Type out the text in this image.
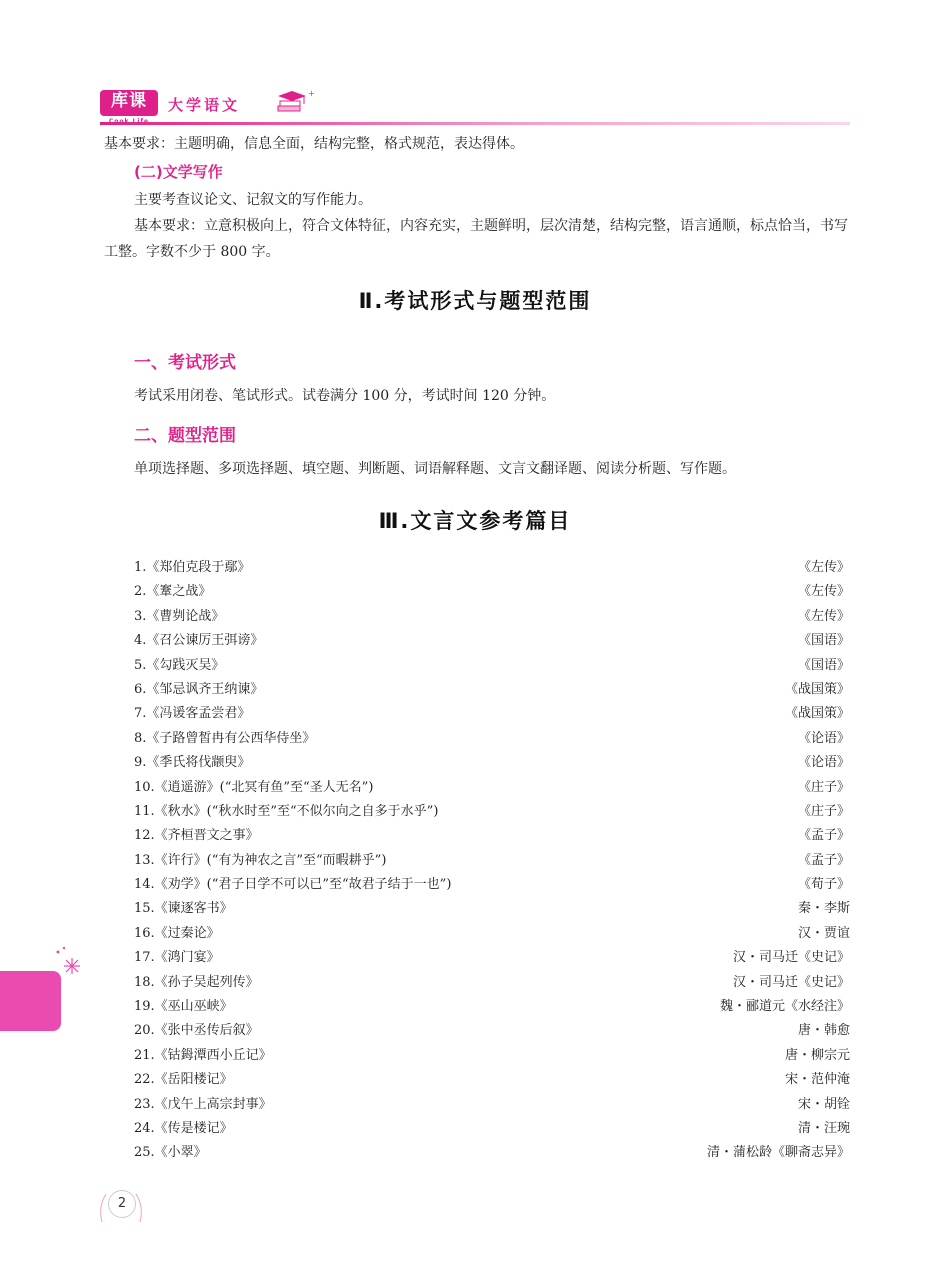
库课	大学语文
+
基本要求：主题明确，信息全面，结构完整，格式规范，表达得体。
(二)文学写作
主要考查议论文、记叙文的写作能力。
基本要求：立意积极向上，符合文体特征，内容充实，主题鲜明，层次清楚，结构完整，语言通顺，标点恰当，书写工整。字数不少于 800 字。
Ⅱ.考试形式与题型范围
一、考试形式
考试采用闭卷、笔试形式。试卷满分 100 分，考试时间 120 分钟。
二、题型范围
单项选择题、多项选择题、填空题、判断题、词语解释题、文言文翻译题、阅读分析题、写作题。
Ⅲ.文言文参考篇目
1.《郑伯克段于鄢》	《左传》
2.《鞌之战》	《左传》
3.《曹刿论战》	《左传》
4.《召公谏厉王弭谤》	《国语》
5.《勾践灭吴》	《国语》
6.《邹忌讽齐王纳谏》	《战国策》
7.《冯谖客孟尝君》	《战国策》
8.《子路曾皙冉有公西华侍坐》	《论语》
9.《季氏将伐颛臾》	《论语》
10.《逍遥游》(“北冥有鱼”至“圣人无名”)	《庄子》
11.《秋水》(“秋水时至”至“不似尔向之自多于水乎”)	《庄子》
12.《齐桓晋文之事》	《孟子》
13.《许行》(“有为神农之言”至“而暇耕乎”)	《孟子》
14.《劝学》(“君子日学不可以已”至“故君子结于一也”)	《荀子》
15.《谏逐客书》	秦・李斯
16.《过秦论》	汉・贾谊
17.《鸿门宴》	汉・司马迁《史记》
18.《孙子吴起列传》	汉・司马迁《史记》
19.《巫山巫峡》	魏・郦道元《水经注》
20.《张中丞传后叙》	唐・韩愈
21.《钴鉧潭西小丘记》	唐・柳宗元
22.《岳阳楼记》	宋・范仲淹
23.《戊午上高宗封事》	宋・胡铨
24.《传是楼记》	清・汪琬
25.《小翠》	清・蒲松龄《聊斋志异》
2
